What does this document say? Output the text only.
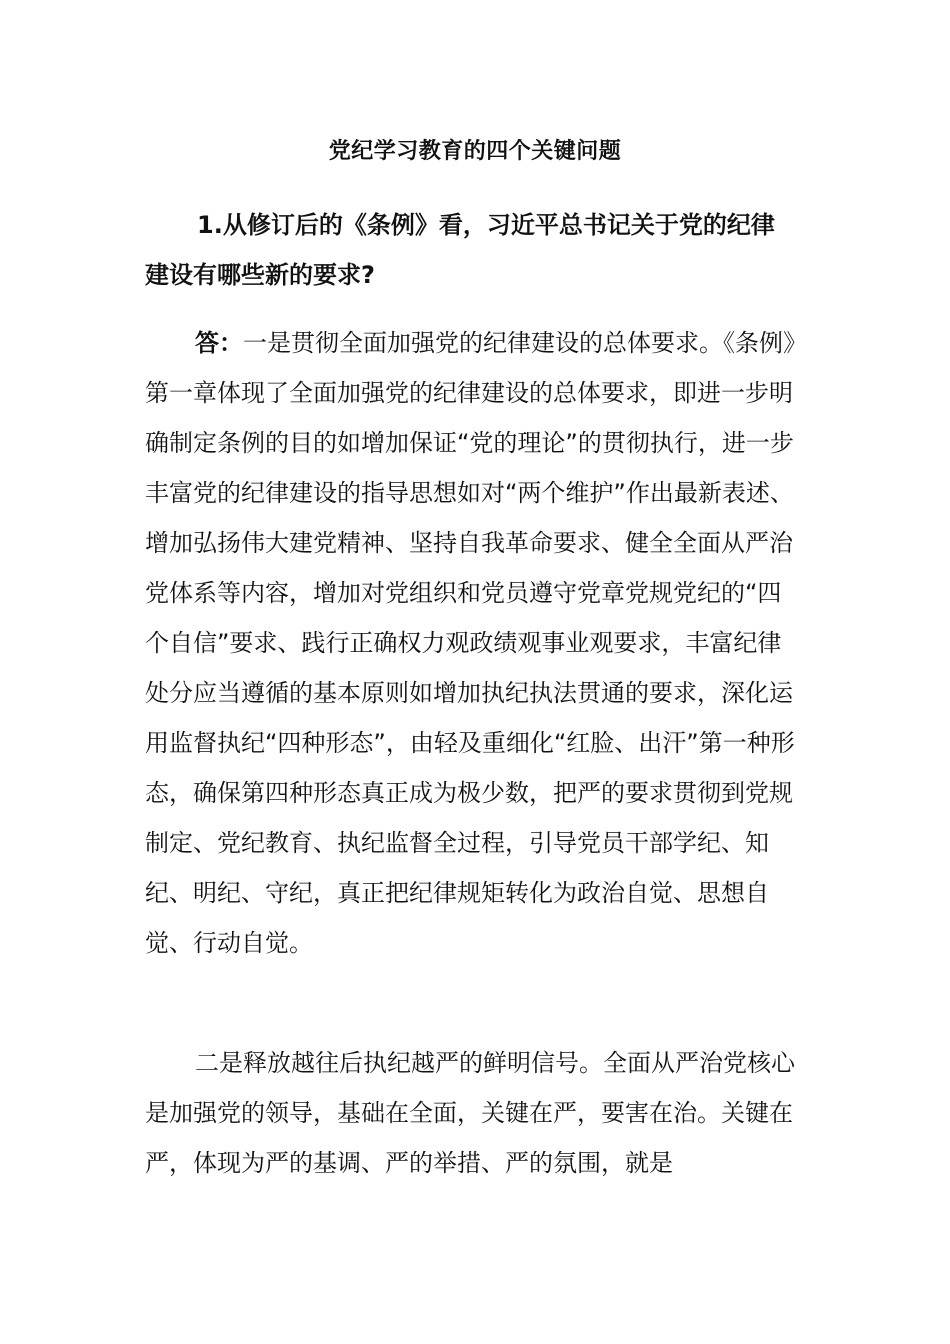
党纪学习教育的四个关键问题
1.从修订后的《条例》看，习近平总书记关于党的纪律建设有哪些新的要求?
答：一是贯彻全面加强党的纪律建设的总体要求。《条例》第一章体现了全面加强党的纪律建设的总体要求，即进一步明确制定条例的目的如增加保证“党的理论”的贯彻执行，进一步丰富党的纪律建设的指导思想如对“两个维护”作出最新表述、增加弘扬伟大建党精神、坚持自我革命要求、健全全面从严治党体系等内容，增加对党组织和党员遵守党章党规党纪的“四个自信”要求、践行正确权力观政绩观事业观要求，丰富纪律处分应当遵循的基本原则如增加执纪执法贯通的要求，深化运用监督执纪“四种形态”，由轻及重细化“红脸、出汗”第一种形态，确保第四种形态真正成为极少数，把严的要求贯彻到党规制定、党纪教育、执纪监督全过程，引导党员干部学纪、知纪、明纪、守纪，真正把纪律规矩转化为政治自觉、思想自觉、行动自觉。
二是释放越往后执纪越严的鲜明信号。全面从严治党核心是加强党的领导，基础在全面，关键在严，要害在治。关键在严，体现为严的基调、严的举措、严的氛围，就是
